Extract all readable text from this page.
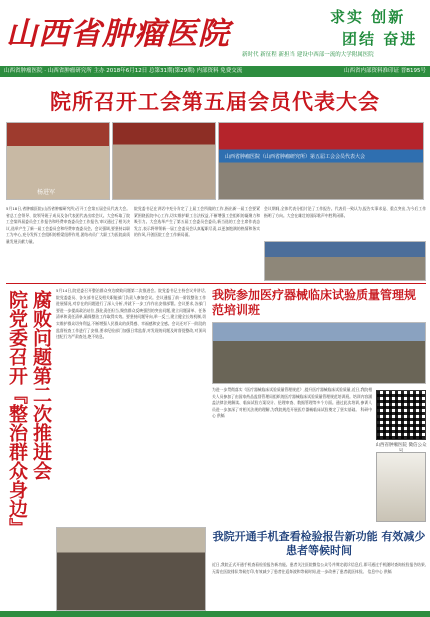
山西省肿瘤医院	求实 创新
团结 奋进
新时代 新征程 新担当 建设中西部一流的大学附属医院
山西省肿瘤医院 · 山西省肿瘤研究所 主办 2018年6月12日 总第31期(第29期) 内部资料 免费交流	山西省内部资料准印证 晋B195号
院所召开工会第五届会员代表大会
杨进军
山西省肿瘤医院（山西省肿瘤研究所）第五届工会会员代表大会
5月18日,省肿瘤医院(山西省肿瘤研究所)召开工会第五届会员代表大会。省总工会领导、院领导班子成员及各代表团代表出席会议。大会听取了院工会第四届委员会工作报告和经费审查委员会工作报告,审议通过了相关决议,选举产生了新一届工会委员会和经费审查委员会。会议强调,要坚持以职工为中心,充分发挥工会组织的桥梁纽带作用,团结动员广大职工为医院高质量发展贡献力量。
院党委书记在讲话中充分肯定了上届工会所做的工作,指出新一届工会要紧紧围绕医院中心工作,切实维护职工合法权益,不断增强工会组织的凝聚力和吸引力。大会选举产生了第五届工会委员会委员,新当选的工会主席作表态发言,表示将带领新一届工会委员会认真履职尽责,以更加饱满的热情和务实的作风,开创医院工会工作新局面。
会议期间,全体代表分组讨论了工作报告。代表们一致认为,报告实事求是、重点突出,为今后工作指明了方向。大会在雄壮的国际歌声中胜利闭幕。
院党委召开『整治群众身边』 腐败问题第二次推进会 5月14日,院党委召开整治群众身边腐败问题第二次推进会。院党委书记主持会议并讲话,院党委委员、各支部书记及相关职能部门负责人参加会议。会议通报了前一阶段整治工作进展情况,对存在的问题进行了深入分析,并就下一步工作作出安排部署。会议要求,各部门要进一步提高政治站位,强化责任担当,聚焦群众反映强烈的突出问题,建立问题清单、任务清单和责任清单,确保整治工作取得实效。要坚持问题导向,举一反三,建立健全长效机制,切实维护群众切身利益,不断增强人民群众的获得感、幸福感和安全感。会议还对下一阶段的监督检查工作进行了安排,要求纪检部门加强日常监督,对发现的问题及时督促整改,对顶风违纪行为严肃查处,绝不姑息。
我院参加医疗器械临床试验质量管理规范培训班
为进一步贯彻落实《医疗器械临床试验质量管理规范》,提升医疗器械临床试验质量,近日,我院相关人员参加了由国家药品监督管理局组织的医疗器械临床试验质量管理规范培训班。培训内容涵盖法律法规解读、临床试验方案设计、伦理审查、数据管理等多个方面。通过此次培训,参训人员进一步加深了对相关法规的理解,为我院规范开展医疗器械临床试验奠定了坚实基础。 科研中心 供稿
山西省肿瘤医院 微信公众
我院开通手机查看检验报告新功能 有效减少患者等候时间
近日,我院正式开通手机查看检验报告新功能。患者关注医院微信公众号并绑定就诊信息后,即可通过手机随时查询检验报告结果,无需在医院排队等候打印,有效减少了患者往返奔波和等候时间,进一步改善了患者就医体验。 信息中心 供稿
